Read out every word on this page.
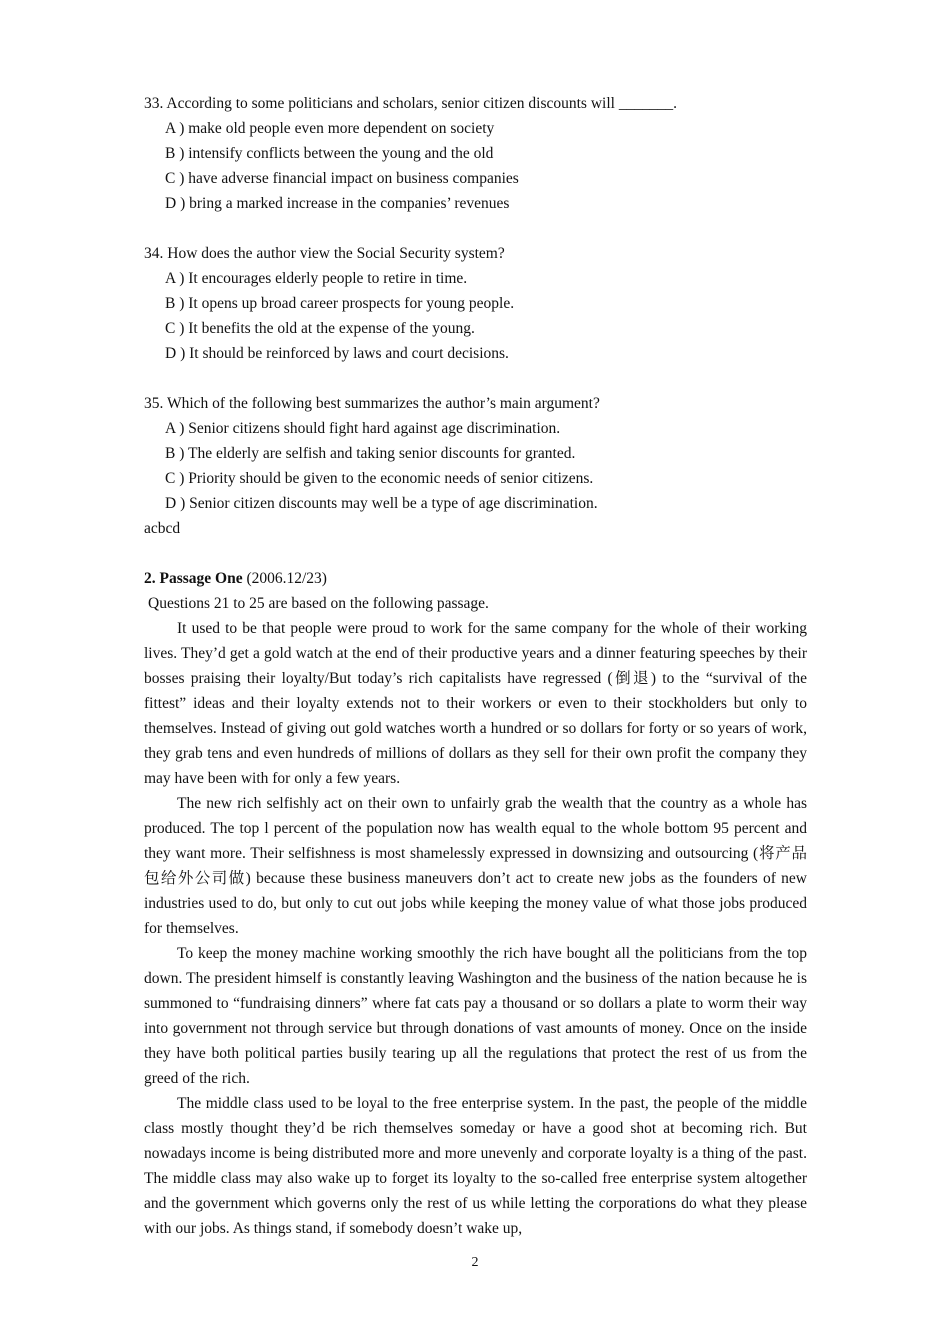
33. According to some politicians and scholars, senior citizen discounts will _______.

A ) make old people even more dependent on society

B ) intensify conflicts between the young and the old

C ) have adverse financial impact on business companies

D ) bring a marked increase in the companies’ revenues

34. How does the author view the Social Security system?

A ) It encourages elderly people to retire in time.

B ) It opens up broad career prospects for young people.

C ) It benefits the old at the expense of the young.

D ) It should be reinforced by laws and court decisions.

35. Which of the following best summarizes the author’s main argument?

A ) Senior citizens should fight hard against age discrimination.

B ) The elderly are selfish and taking senior discounts for granted.

C ) Priority should be given to the economic needs of senior citizens.

D ) Senior citizen discounts may well be a type of age discrimination.

acbcd

2. Passage One (2006.12/23)

Questions 21 to 25 are based on the following passage.

It used to be that people were proud to work for the same company for the whole of their working lives. They’d get a gold watch at the end of their productive years and a dinner featuring speeches by their bosses praising their loyalty/But today’s rich capitalists have regressed (倒退) to the “survival of the fittest” ideas and their loyalty extends not to their workers or even to their stockholders but only to themselves. Instead of giving out gold watches worth a hundred or so dollars for forty or so years of work, they grab tens and even hundreds of millions of dollars as they sell for their own profit the company they may have been with for only a few years.

The new rich selfishly act on their own to unfairly grab the wealth that the country as a whole has produced. The top l percent of the population now has wealth equal to the whole bottom 95 percent and they want more. Their selfishness is most shamelessly expressed in downsizing and outsourcing (将产品包给外公司做) because these business maneuvers don’t act to create new jobs as the founders of new industries used to do, but only to cut out jobs while keeping the money value of what those jobs produced for themselves.

To keep the money machine working smoothly the rich have bought all the politicians from the top down. The president himself is constantly leaving Washington and the business of the nation because he is summoned to “fundraising dinners” where fat cats pay a thousand or so dollars a plate to worm their way into government not through service but through donations of vast amounts of money. Once on the inside they have both political parties busily tearing up all the regulations that protect the rest of us from the greed of the rich.

The middle class used to be loyal to the free enterprise system. In the past, the people of the middle class mostly thought they’d be rich themselves someday or have a good shot at becoming rich. But nowadays income is being distributed more and more unevenly and corporate loyalty is a thing of the past. The middle class may also wake up to forget its loyalty to the so-called free enterprise system altogether and the government which governs only the rest of us while letting the corporations do what they please with our jobs. As things stand, if somebody doesn’t wake up,

2
